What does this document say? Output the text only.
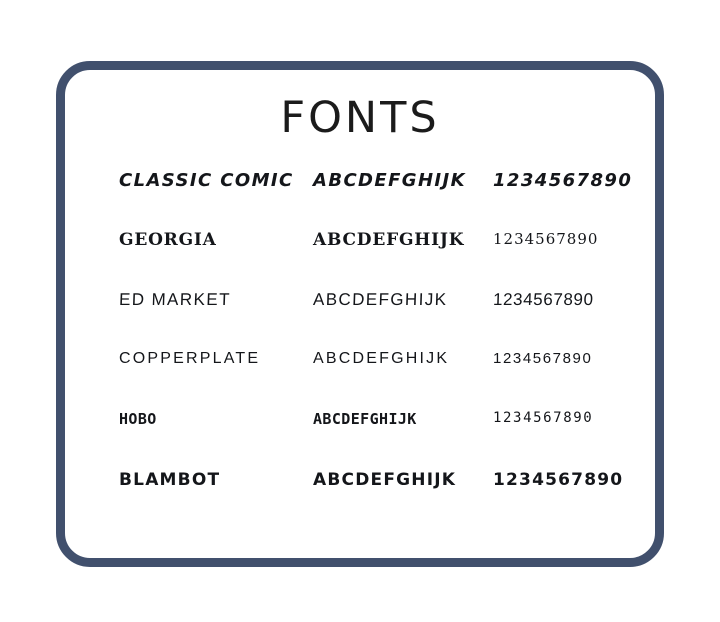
FONTS
CLASSIC COMIC ABCDEFGHIJK 1234567890
GEORGIA	ABCDEFGHIJK 1234567890
ED MARKET	ABCDEFGHIJK	1234567890
COPPERPLATE	ABCDEFGHIJK	1234567890
HOBO	ABCDEFGHIJK	1234567890
BLAMBOT	ABCDEFGHIJK 1234567890
